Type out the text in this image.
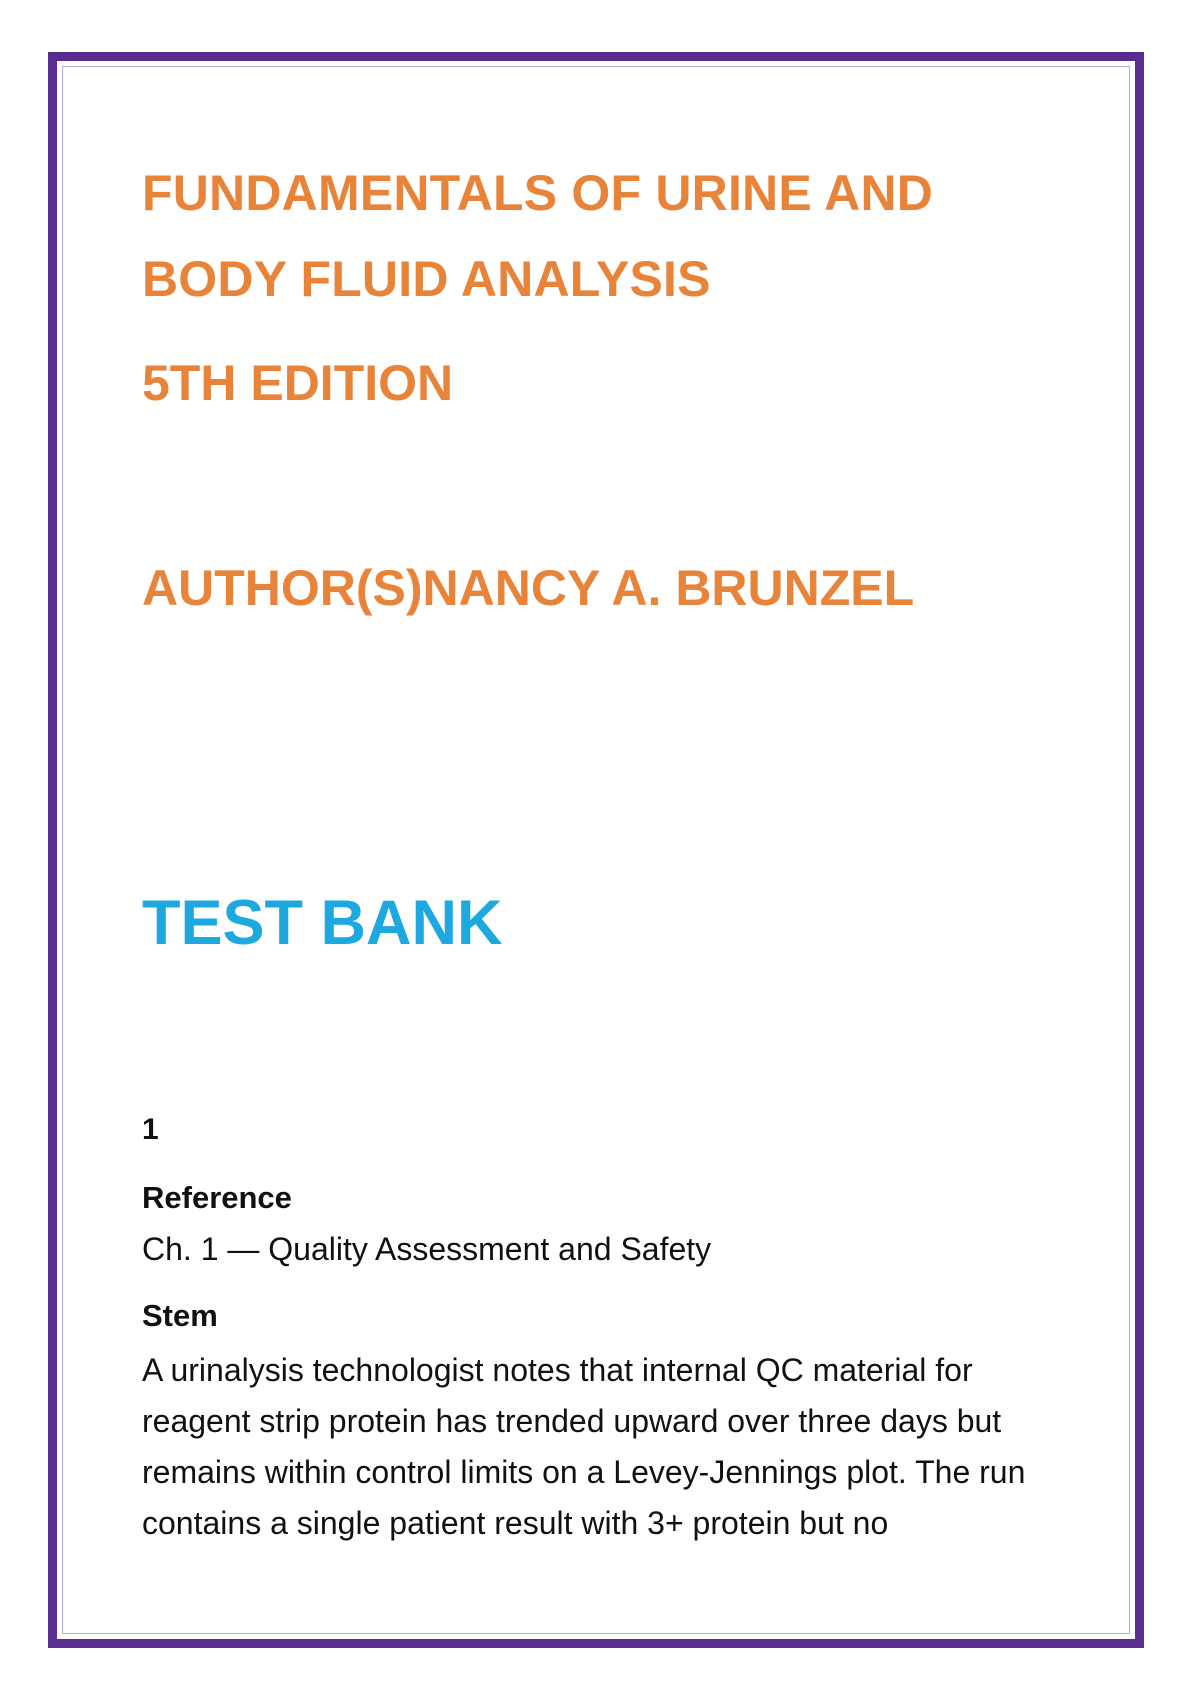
FUNDAMENTALS OF URINE AND

BODY FLUID ANALYSIS

5TH EDITION
AUTHOR(S)NANCY A. BRUNZEL
TEST BANK
1
Reference
Ch. 1 — Quality Assessment and Safety
Stem
A urinalysis technologist notes that internal QC material for reagent strip protein has trended upward over three days but remains within control limits on a Levey-Jennings plot. The run contains a single patient result with 3+ protein but no
